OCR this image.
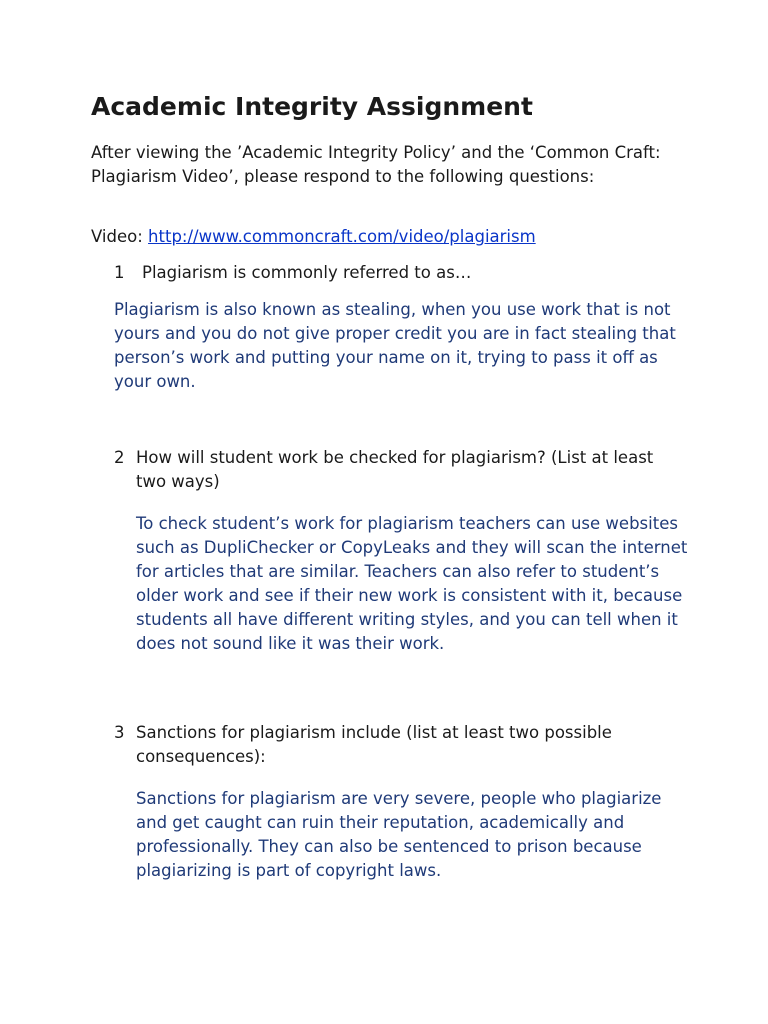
Academic Integrity Assignment

After viewing the ’Academic Integrity Policy’ and the ‘Common Craft: Plagiarism Video’, please respond to the following questions:

Video: http://www.commoncraft.com/video/plagiarism

1	Plagiarism is commonly referred to as…

Plagiarism is also known as stealing, when you use work that is not yours and you do not give proper credit you are in fact stealing that person’s work and putting your name on it, trying to pass it off as your own.

2 How will student work be checked for plagiarism? (List at least two ways)

To check student’s work for plagiarism teachers can use websites such as DupliChecker or CopyLeaks and they will scan the internet for articles that are similar. Teachers can also refer to student’s older work and see if their new work is consistent with it, because students all have different writing styles, and you can tell when it does not sound like it was their work.

3 Sanctions for plagiarism include (list at least two possible consequences):

Sanctions for plagiarism are very severe, people who plagiarize and get caught can ruin their reputation, academically and professionally. They can also be sentenced to prison because plagiarizing is part of copyright laws.
